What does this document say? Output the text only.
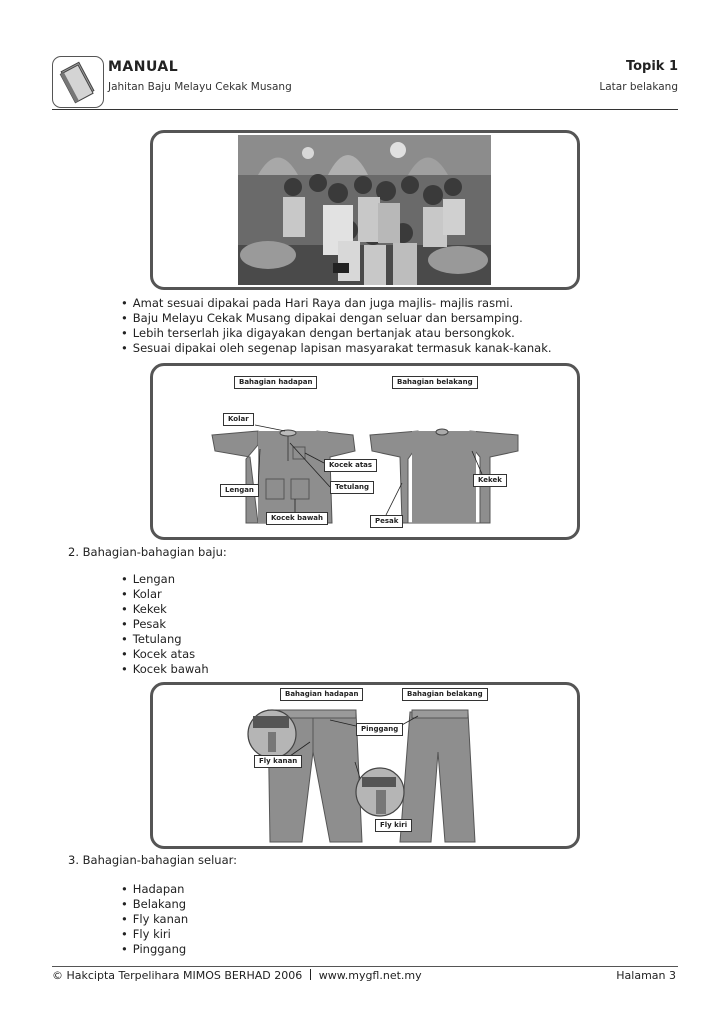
MANUAL
Jahitan Baju Melayu Cekak Musang
Topik 1
Latar belakang
• Amat sesuai dipakai pada Hari Raya dan juga majlis- majlis rasmi.
• Baju Melayu Cekak Musang dipakai dengan seluar dan bersamping.
• Lebih terserlah jika digayakan dengan bertanjak atau bersongkok.
• Sesuai dipakai oleh segenap lapisan masyarakat termasuk kanak-kanak.
Bahagian hadapan	Bahagian belakang
Kolar
Kocek atas
Tetulang
Lengan
Kocek bawah
Kekek
Pesak
2. Bahagian-bahagian baju:
• Lengan
• Kolar
• Kekek
• Pesak
• Tetulang
• Kocek atas
• Kocek bawah
Bahagian hadapan	Bahagian belakang
Pinggang
Fly kanan
Fly kiri
3. Bahagian-bahagian seluar:
• Hadapan
• Belakang
• Fly kanan
• Fly kiri
• Pinggang
© Hakcipta Terpelihara MIMOS BERHAD 2006 www.mygfl.net.my	Halaman 3
